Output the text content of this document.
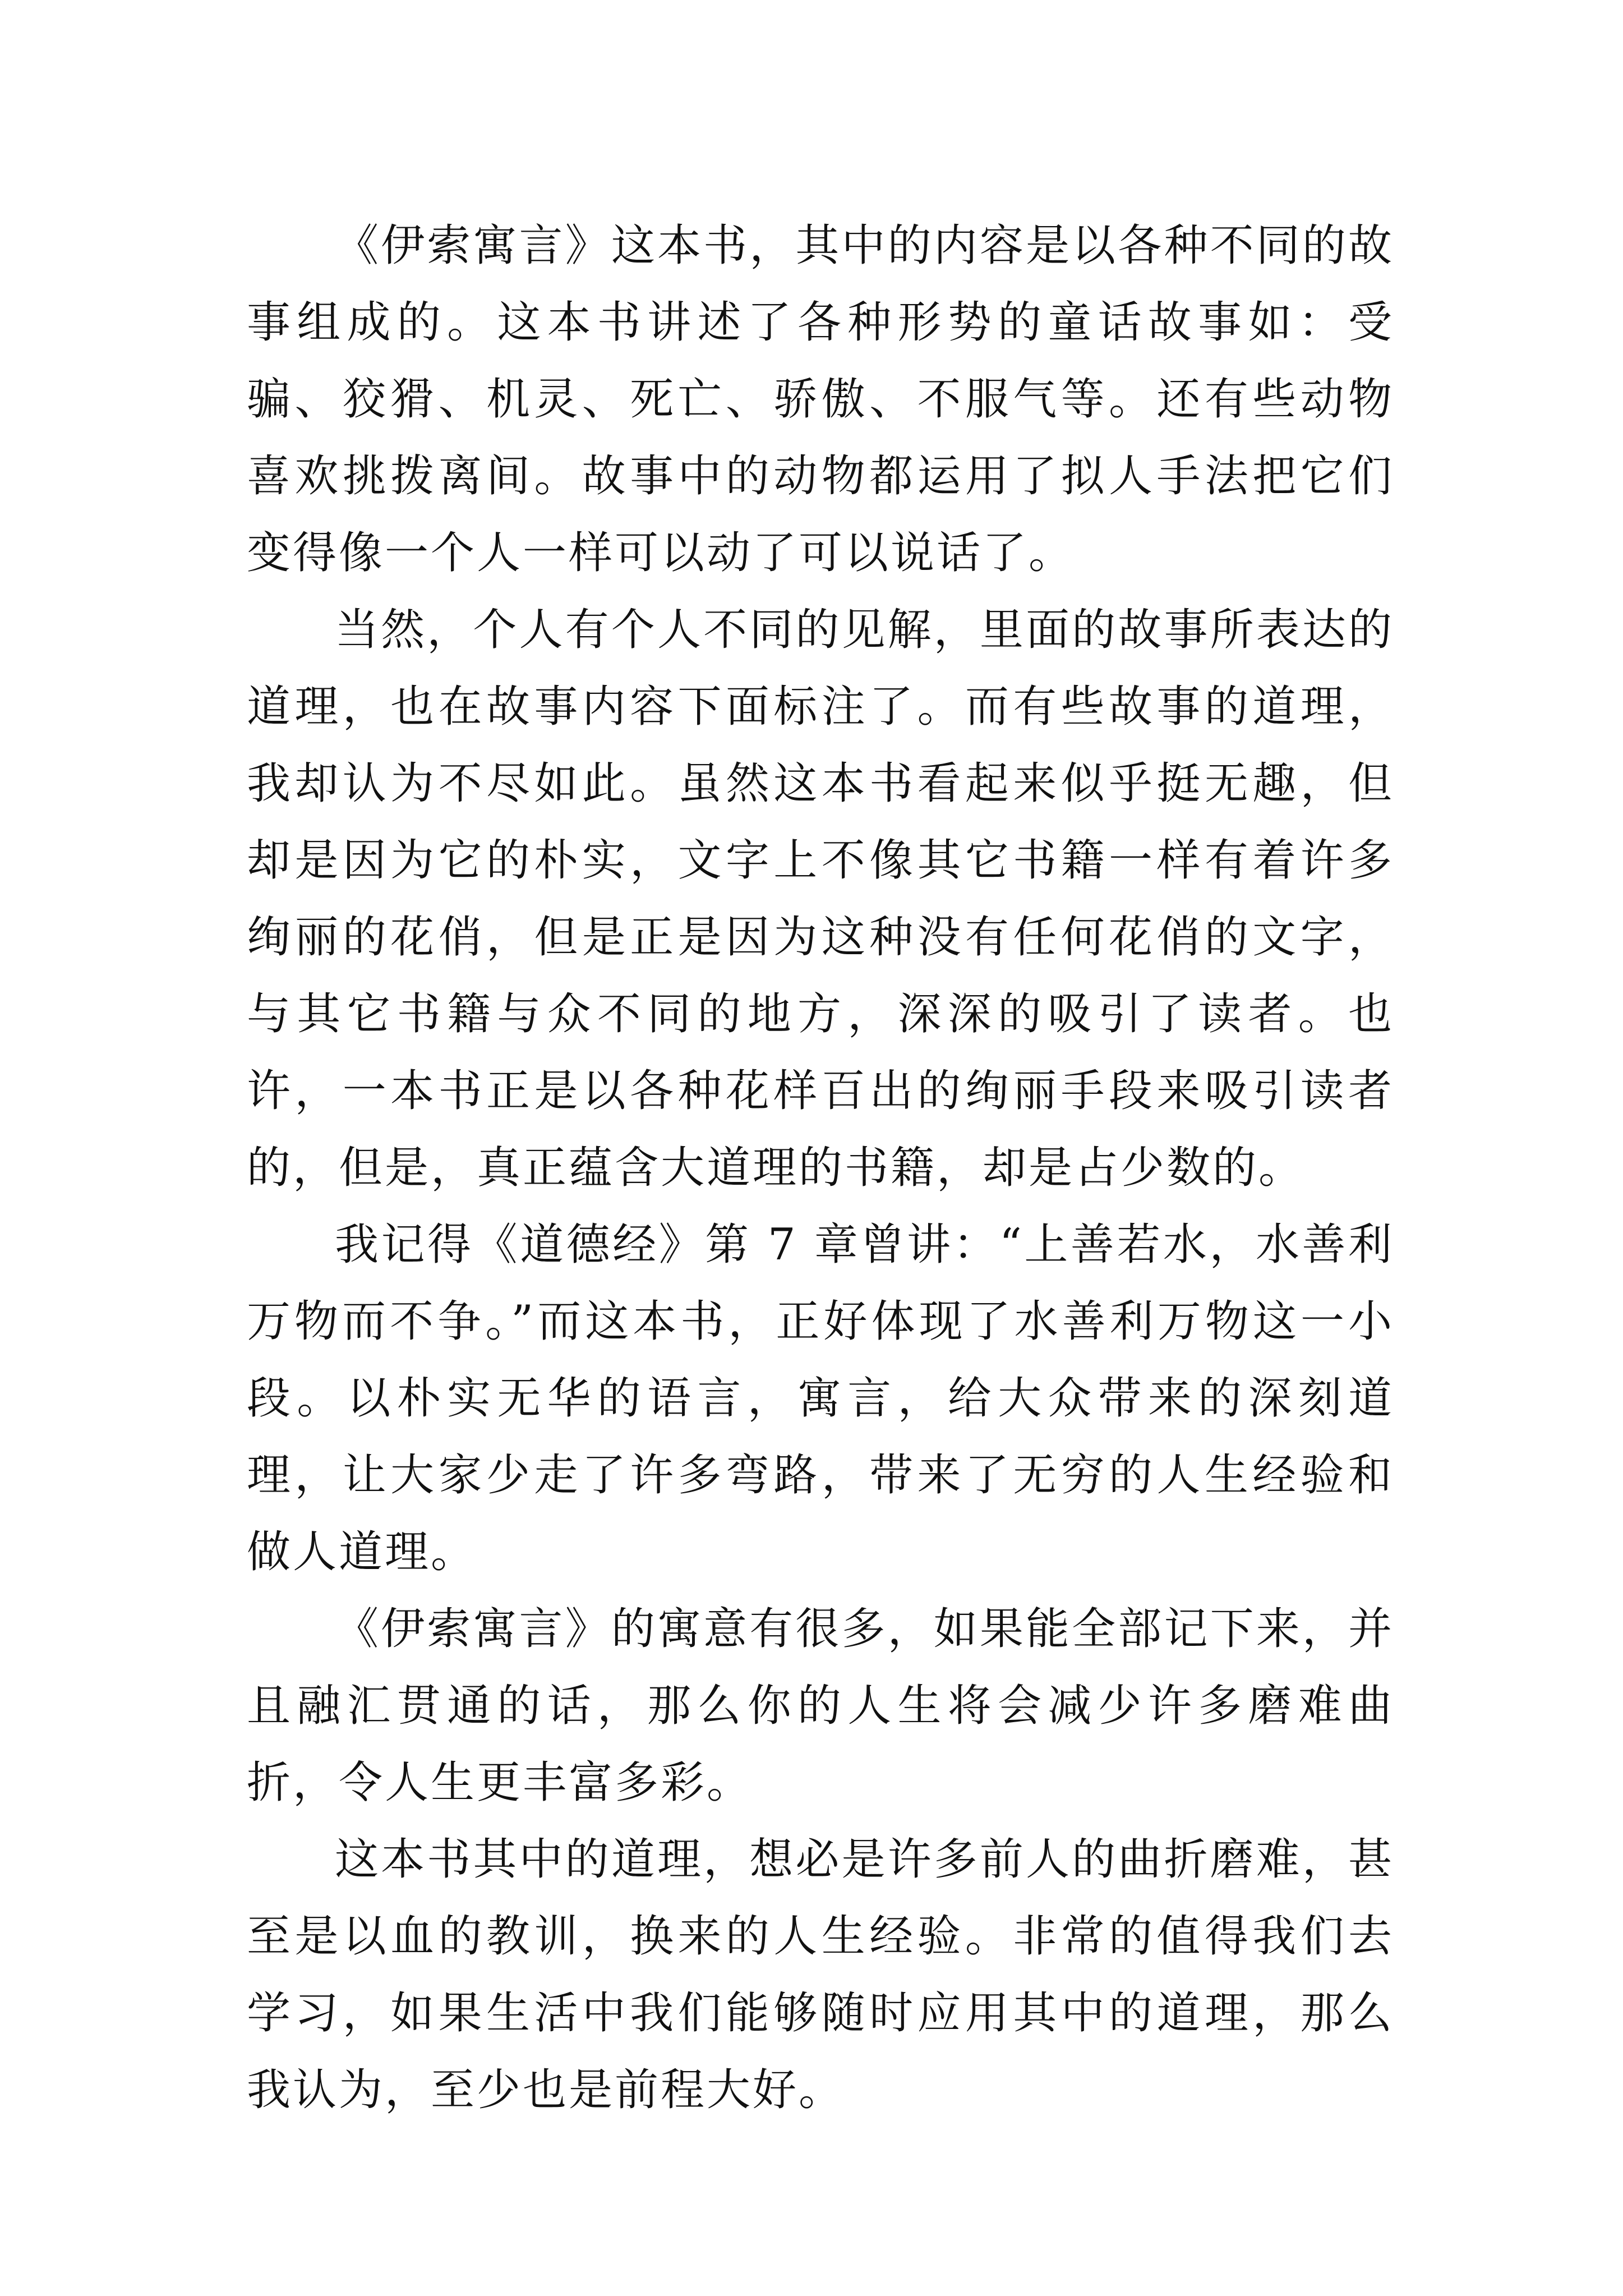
《伊索寓言》这本书，其中的内容是以各种不同的故事组成的。这本书讲述了各种形势的童话故事如：受骗、狡猾、机灵、死亡、骄傲、不服气等。还有些动物喜欢挑拨离间。故事中的动物都运用了拟人手法把它们变得像一个人一样可以动了可以说话了。

当然，个人有个人不同的见解，里面的故事所表达的道理，也在故事内容下面标注了。而有些故事的道理，我却认为不尽如此。虽然这本书看起来似乎挺无趣，但却是因为它的朴实，文字上不像其它书籍一样有着许多绚丽的花俏，但是正是因为这种没有任何花俏的文字，与其它书籍与众不同的地方，深深的吸引了读者。也许，一本书正是以各种花样百出的绚丽手段来吸引读者的，但是，真正蕴含大道理的书籍，却是占少数的。

我记得《道德经》第 7 章曾讲：“上善若水，水善利万物而不争。”而这本书，正好体现了水善利万物这一小段。以朴实无华的语言，寓言，给大众带来的深刻道理，让大家少走了许多弯路，带来了无穷的人生经验和做人道理。

《伊索寓言》的寓意有很多，如果能全部记下来，并且融汇贯通的话，那么你的人生将会减少许多磨难曲折，令人生更丰富多彩。

这本书其中的道理，想必是许多前人的曲折磨难，甚至是以血的教训，换来的人生经验。非常的值得我们去学习，如果生活中我们能够随时应用其中的道理，那么我认为，至少也是前程大好。
